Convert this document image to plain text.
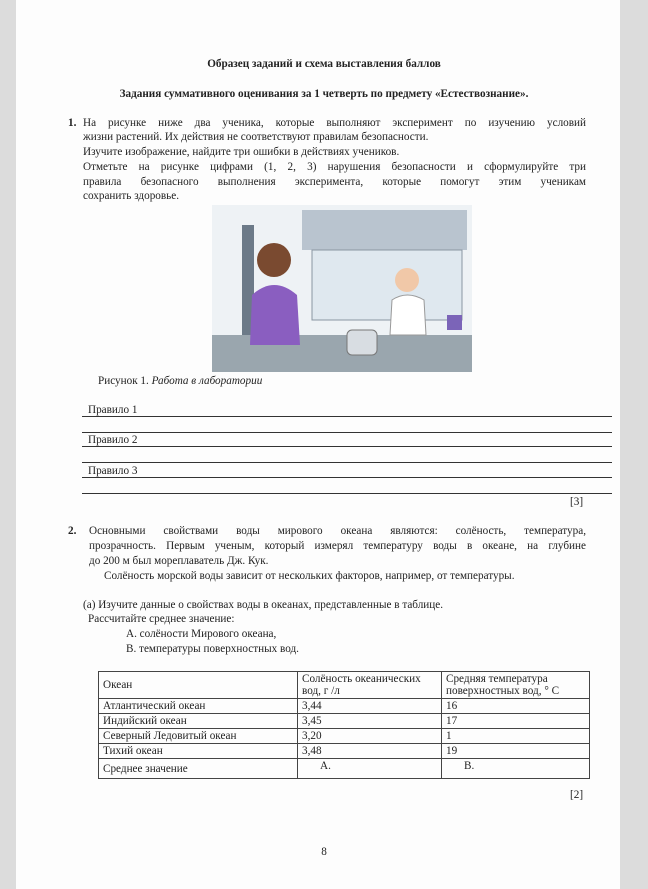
Образец заданий и схема выставления баллов
Задания суммативного оценивания за 1 четверть по предмету «Естествознание».
1. На рисунке ниже два ученика, которые выполняют эксперимент по изучению условий
жизни растений. Их действия не соответствуют правилам безопасности.
Изучите изображение, найдите три ошибки в действиях учеников.
Отметьте на рисунке цифрами (1, 2, 3) нарушения безопасности и сформулируйте три
правила безопасного выполнения эксперимента, которые помогут этим ученикам
сохранить здоровье.
Рисунок 1. Работа в лаборатории
Правило 1
Правило 2
Правило 3
[3]
2. Основными свойствами воды мирового океана являются: солёность, температура,
прозрачность. Первым ученым, который измерял температуру воды в океане, на глубине
до 200 м был мореплаватель Дж. Кук.
Солёность морской воды зависит от нескольких факторов, например, от температуры.
(а) Изучите данные о свойствах воды в океанах, представленные в таблице.
Рассчитайте среднее значение:
A. солёности Мирового океана,
B. температуры поверхностных вод.
Океан	Солёность океанических вод, г /л	Средняя температура поверхностных вод, ° С
Атлантический океан	3,44	16
Индийский океан	3,45	17
Северный Ледовитый океан	3,20	1
Тихий океан	3,48	19
Среднее значение	A.	B.
[2]
8
